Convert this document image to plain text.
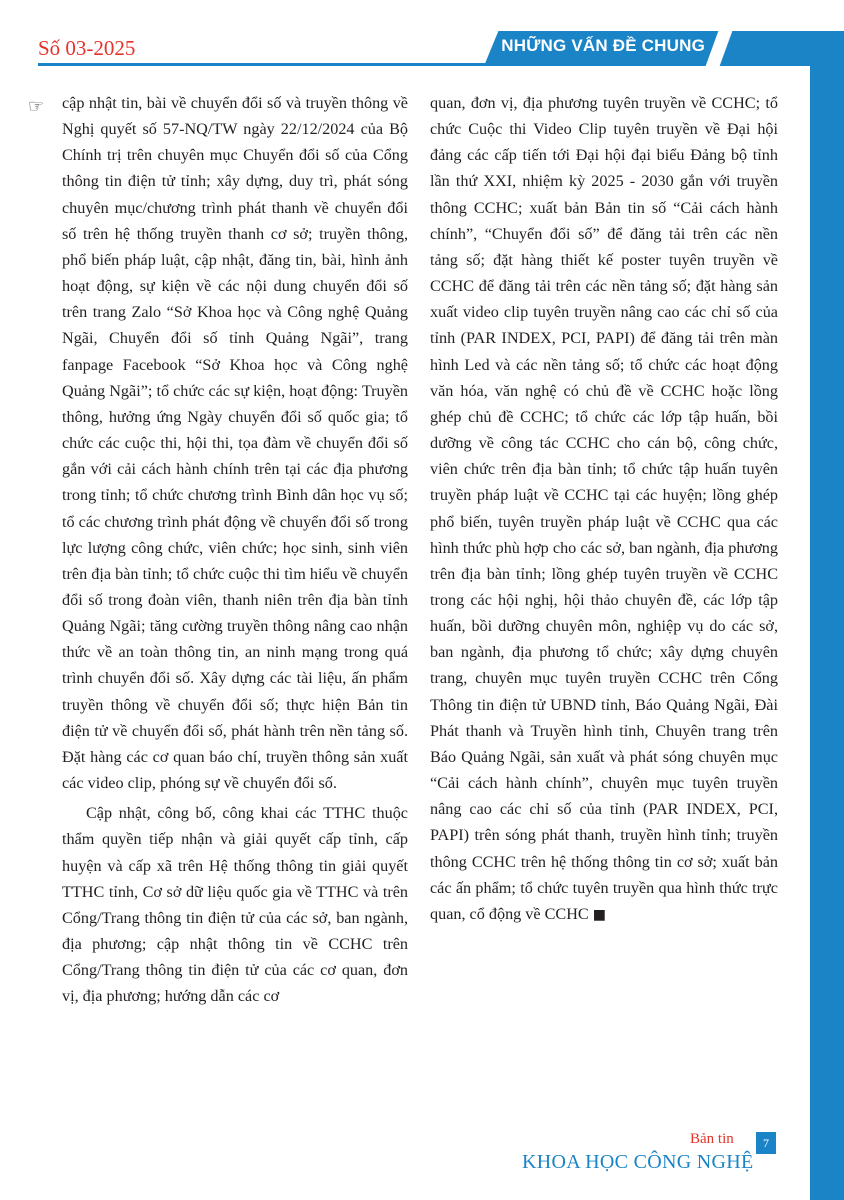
Số 03-2025	NHỮNG VẤN ĐỀ CHUNG
☞ cập nhật tin, bài về chuyển đổi số và truyền thông về Nghị quyết số 57-NQ/TW ngày 22/12/2024 của Bộ Chính trị trên chuyên mục Chuyển đổi số của Cổng thông tin điện tử tỉnh; xây dựng, duy trì, phát sóng chuyên mục/chương trình phát thanh về chuyển đổi số trên hệ thống truyền thanh cơ sở; truyền thông, phổ biến pháp luật, cập nhật, đăng tin, bài, hình ảnh hoạt động, sự kiện về các nội dung chuyển đổi số trên trang Zalo “Sở Khoa học và Công nghệ Quảng Ngãi, Chuyển đổi số tỉnh Quảng Ngãi”, trang fanpage Facebook “Sở Khoa học và Công nghệ Quảng Ngãi”; tổ chức các sự kiện, hoạt động: Truyền thông, hưởng ứng Ngày chuyển đổi số quốc gia; tổ chức các cuộc thi, hội thi, tọa đàm về chuyển đổi số gắn với cải cách hành chính trên tại các địa phương trong tỉnh; tổ chức chương trình Bình dân học vụ số; tổ các chương trình phát động về chuyển đổi số trong lực lượng công chức, viên chức; học sinh, sinh viên trên địa bàn tỉnh; tổ chức cuộc thi tìm hiểu về chuyển đổi số trong đoàn viên, thanh niên trên địa bàn tỉnh Quảng Ngãi; tăng cường truyền thông nâng cao nhận thức về an toàn thông tin, an ninh mạng trong quá trình chuyển đổi số. Xây dựng các tài liệu, ấn phẩm truyền thông về chuyển đổi số; thực hiện Bản tin điện tử về chuyển đổi số, phát hành trên nền tảng số. Đặt hàng các cơ quan báo chí, truyền thông sản xuất các video clip, phóng sự về chuyển đổi số.

Cập nhật, công bố, công khai các TTHC thuộc thẩm quyền tiếp nhận và giải quyết cấp tỉnh, cấp huyện và cấp xã trên Hệ thống thông tin giải quyết TTHC tỉnh, Cơ sở dữ liệu quốc gia về TTHC và trên Cổng/Trang thông tin điện tử của các sở, ban ngành, địa phương; cập nhật thông tin về CCHC trên Cổng/Trang thông tin điện tử của các cơ quan, đơn vị, địa phương; hướng dẫn các cơ

quan, đơn vị, địa phương tuyên truyền về CCHC; tổ chức Cuộc thi Video Clip tuyên truyền về Đại hội đảng các cấp tiến tới Đại hội đại biểu Đảng bộ tỉnh lần thứ XXI, nhiệm kỳ 2025 - 2030 gắn với truyền thông CCHC; xuất bản Bản tin số “Cải cách hành chính”, “Chuyển đổi số” để đăng tải trên các nền tảng số; đặt hàng thiết kế poster tuyên truyền về CCHC để đăng tải trên các nền tảng số; đặt hàng sản xuất video clip tuyên truyền nâng cao các chỉ số của tỉnh (PAR INDEX, PCI, PAPI) để đăng tải trên màn hình Led và các nền tảng số; tổ chức các hoạt động văn hóa, văn nghệ có chủ đề về CCHC hoặc lồng ghép chủ đề CCHC; tổ chức các lớp tập huấn, bồi dưỡng về công tác CCHC cho cán bộ, công chức, viên chức trên địa bàn tỉnh; tổ chức tập huấn tuyên truyền pháp luật về CCHC tại các huyện; lồng ghép phổ biến, tuyên truyền pháp luật về CCHC qua các hình thức phù hợp cho các sở, ban ngành, địa phương trên địa bàn tỉnh; lồng ghép tuyên truyền về CCHC trong các hội nghị, hội thảo chuyên đề, các lớp tập huấn, bồi dưỡng chuyên môn, nghiệp vụ do các sở, ban ngành, địa phương tổ chức; xây dựng chuyên trang, chuyên mục tuyên truyền CCHC trên Cổng Thông tin điện tử UBND tỉnh, Báo Quảng Ngãi, Đài Phát thanh và Truyền hình tỉnh, Chuyên trang trên Báo Quảng Ngãi, sản xuất và phát sóng chuyên mục “Cải cách hành chính”, chuyên mục tuyên truyền nâng cao các chỉ số của tỉnh (PAR INDEX, PCI, PAPI) trên sóng phát thanh, truyền hình tỉnh; truyền thông CCHC trên hệ thống thông tin cơ sở; xuất bản các ấn phẩm; tổ chức tuyên truyền qua hình thức trực quan, cổ động về CCHC ■

Bản tin
KHOA HỌC CÔNG NGHỆ
7
